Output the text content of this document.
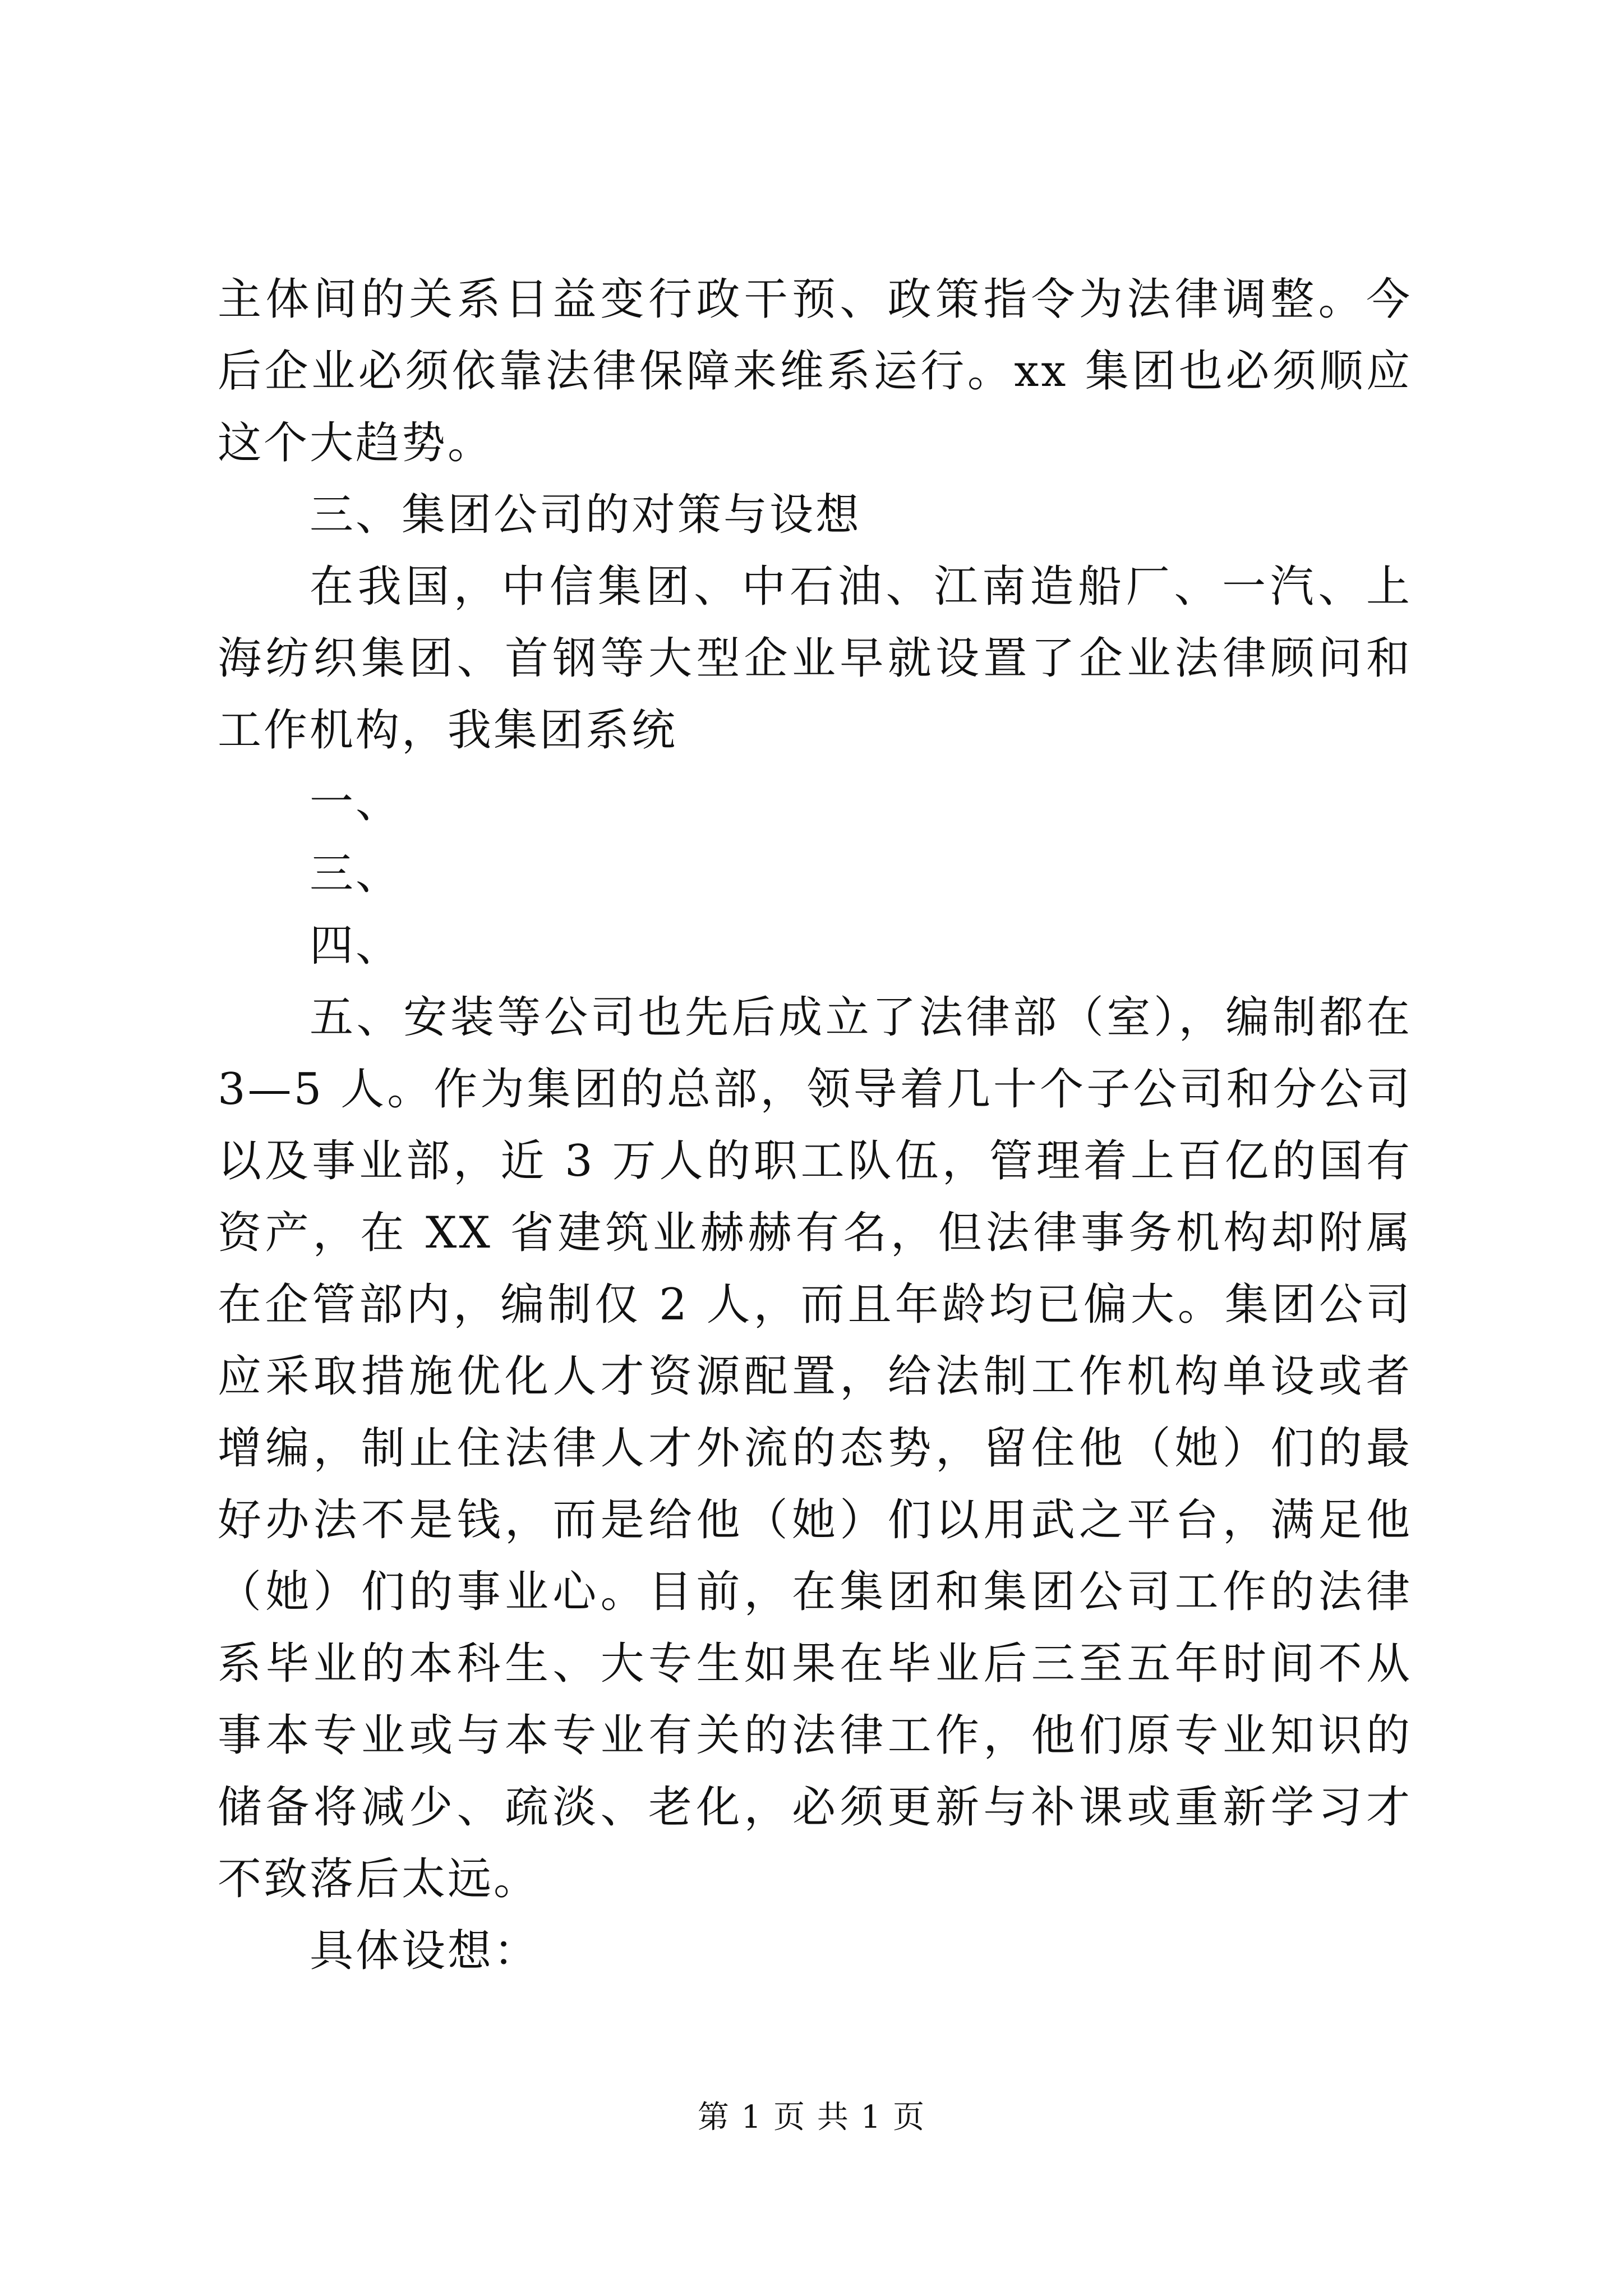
主体间的关系日益变行政干预、政策指令为法律调整。今后企业必须依靠法律保障来维系运行。xx 集团也必须顺应这个大趋势。

三、集团公司的对策与设想

在我国，中信集团、中石油、江南造船厂、一汽、上海纺织集团、首钢等大型企业早就设置了企业法律顾问和工作机构，我集团系统

一、

三、

四、

五、安装等公司也先后成立了法律部（室），编制都在 3—5 人。作为集团的总部，领导着几十个子公司和分公司以及事业部，近 3 万人的职工队伍，管理着上百亿的国有资产，在 XX 省建筑业赫赫有名，但法律事务机构却附属在企管部内，编制仅 2 人，而且年龄均已偏大。集团公司应采取措施优化人才资源配置，给法制工作机构单设或者增编，制止住法律人才外流的态势，留住他（她）们的最好办法不是钱，而是给他（她）们以用武之平台，满足他（她）们的事业心。目前，在集团和集团公司工作的法律系毕业的本科生、大专生如果在毕业后三至五年时间不从事本专业或与本专业有关的法律工作，他们原专业知识的储备将减少、疏淡、老化，必须更新与补课或重新学习才不致落后太远。

具体设想：

第 1 页 共 1 页
